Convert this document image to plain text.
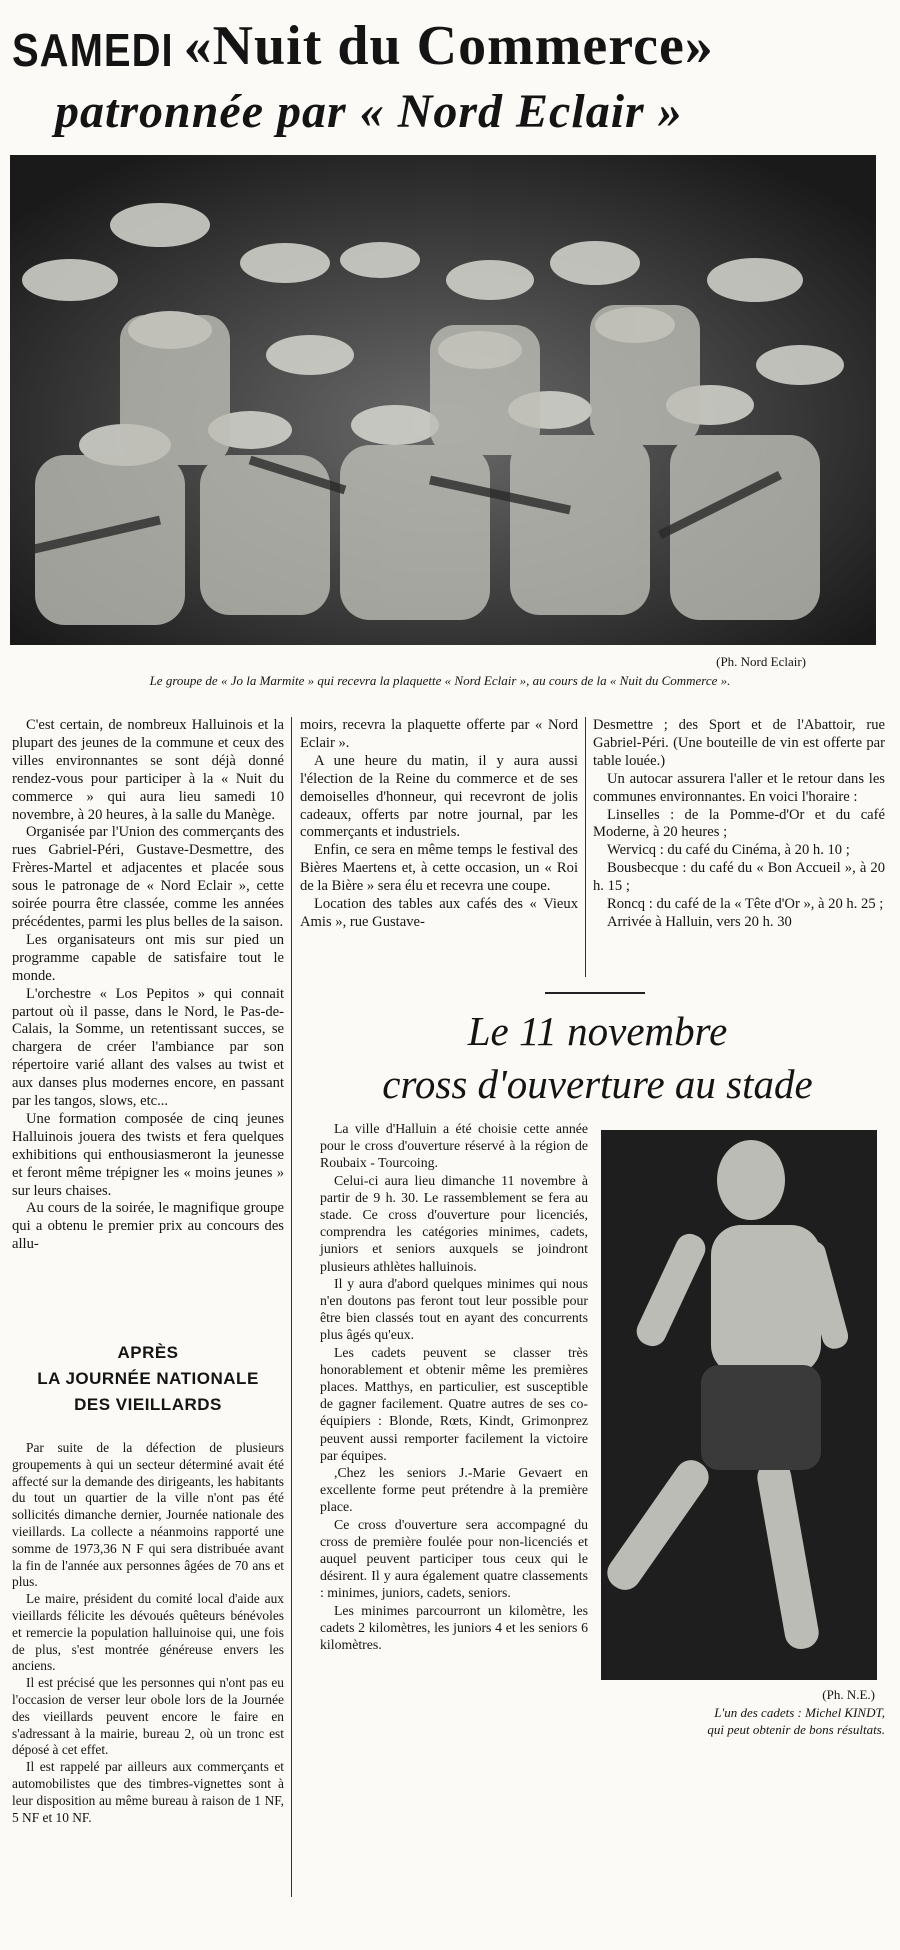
SAMEDI «Nuit du Commerce»
patronnée par « Nord Eclair »
(Ph. Nord Eclair)
Le groupe de « Jo la Marmite » qui recevra la plaquette « Nord Eclair », au cours de la « Nuit du Commerce ».

C'est certain, de nombreux Halluinois et la plupart des jeunes de la commune et ceux des villes environnantes se sont déjà donné rendez-vous pour participer à la « Nuit du commerce » qui aura lieu samedi 10 novembre, à 20 heures, à la salle du Manège.

Organisée par l'Union des commerçants des rues Gabriel-Péri, Gustave-Desmettre, des Frères-Martel et adjacentes et placée sous sous le patronage de « Nord Eclair », cette soirée pourra être classée, comme les années précédentes, parmi les plus belles de la saison.

Les organisateurs ont mis sur pied un programme capable de satisfaire tout le monde.

L'orchestre « Los Pepitos » qui connait partout où il passe, dans le Nord, le Pas-de-Calais, la Somme, un retentissant succes, se chargera de créer l'ambiance par son répertoire varié allant des valses au twist et aux danses plus modernes encore, en passant par les tangos, slows, etc...

Une formation composée de cinq jeunes Halluinois jouera des twists et fera quelques exhibitions qui enthousiasmeront la jeunesse et feront même trépigner les « moins jeunes » sur leurs chaises.

Au cours de la soirée, le magnifique groupe qui a obtenu le premier prix au concours des allu-

moirs, recevra la plaquette offerte par « Nord Eclair ».

A une heure du matin, il y aura aussi l'élection de la Reine du commerce et de ses demoiselles d'honneur, qui recevront de jolis cadeaux, offerts par notre journal, par les commerçants et industriels.

Enfin, ce sera en même temps le festival des Bières Maertens et, à cette occasion, un « Roi de la Bière » sera élu et recevra une coupe.

Location des tables aux cafés des « Vieux Amis », rue Gustave-

Desmettre ; des Sport et de l'Abattoir, rue Gabriel-Péri. (Une bouteille de vin est offerte par table louée.)

Un autocar assurera l'aller et le retour dans les communes environnantes. En voici l'horaire :

Linselles : de la Pomme-d'Or et du café Moderne, à 20 heures ;

Wervicq : du café du Cinéma, à 20 h. 10 ;

Bousbecque : du café du « Bon Accueil », à 20 h. 15 ;

Roncq : du café de la « Tête d'Or », à 20 h. 25 ;

Arrivée à Halluin, vers 20 h. 30

APRÈS
LA JOURNÉE NATIONALE
DES VIEILLARDS

Par suite de la défection de plusieurs groupements à qui un secteur déterminé avait été affecté sur la demande des dirigeants, les habitants du tout un quartier de la ville n'ont pas été sollicités dimanche dernier, Journée nationale des vieillards. La collecte a néanmoins rapporté une somme de 1973,36 N F qui sera distribuée avant la fin de l'année aux personnes âgées de 70 ans et plus.

Le maire, président du comité local d'aide aux vieillards félicite les dévoués quêteurs bénévoles et remercie la population halluinoise qui, une fois de plus, s'est montrée généreuse envers les anciens.

Il est précisé que les personnes qui n'ont pas eu l'occasion de verser leur obole lors de la Journée des vieillards peuvent encore le faire en s'adressant à la mairie, bureau 2, où un tronc est déposé à cet effet.

Il est rappelé par ailleurs aux commerçants et automobilistes que des timbres-vignettes sont à leur disposition au même bureau à raison de 1 NF, 5 NF et 10 NF.

Le 11 novembre
cross d'ouverture au stade

La ville d'Halluin a été choisie cette année pour le cross d'ouverture réservé à la région de Roubaix - Tourcoing.

Celui-ci aura lieu dimanche 11 novembre à partir de 9 h. 30. Le rassemblement se fera au stade. Ce cross d'ouverture pour licenciés, comprendra les catégories minimes, cadets, juniors et seniors auxquels se joindront plusieurs athlètes halluinois.

Il y aura d'abord quelques minimes qui nous n'en doutons pas feront tout leur possible pour être bien classés tout en ayant des concurrents plus âgés qu'eux.

Les cadets peuvent se classer très honorablement et obtenir même les premières places. Matthys, en particulier, est susceptible de gagner facilement. Quatre autres de ses co-équipiers : Blonde, Rœts, Kindt, Grimonprez peuvent aussi remporter facilement la victoire par équipes.

,Chez les seniors J.-Marie Gevaert en excellente forme peut prétendre à la première place.

Ce cross d'ouverture sera accompagné du cross de première foulée pour non-licenciés et auquel peuvent participer tous ceux qui le désirent. Il y aura également quatre classements : minimes, juniors, cadets, seniors.

Les minimes parcourront un kilomètre, les cadets 2 kilomètres, les juniors 4 et les seniors 6 kilomètres.

(Ph. N.E.)
L'un des cadets : Michel KINDT,
qui peut obtenir de bons résultats.
